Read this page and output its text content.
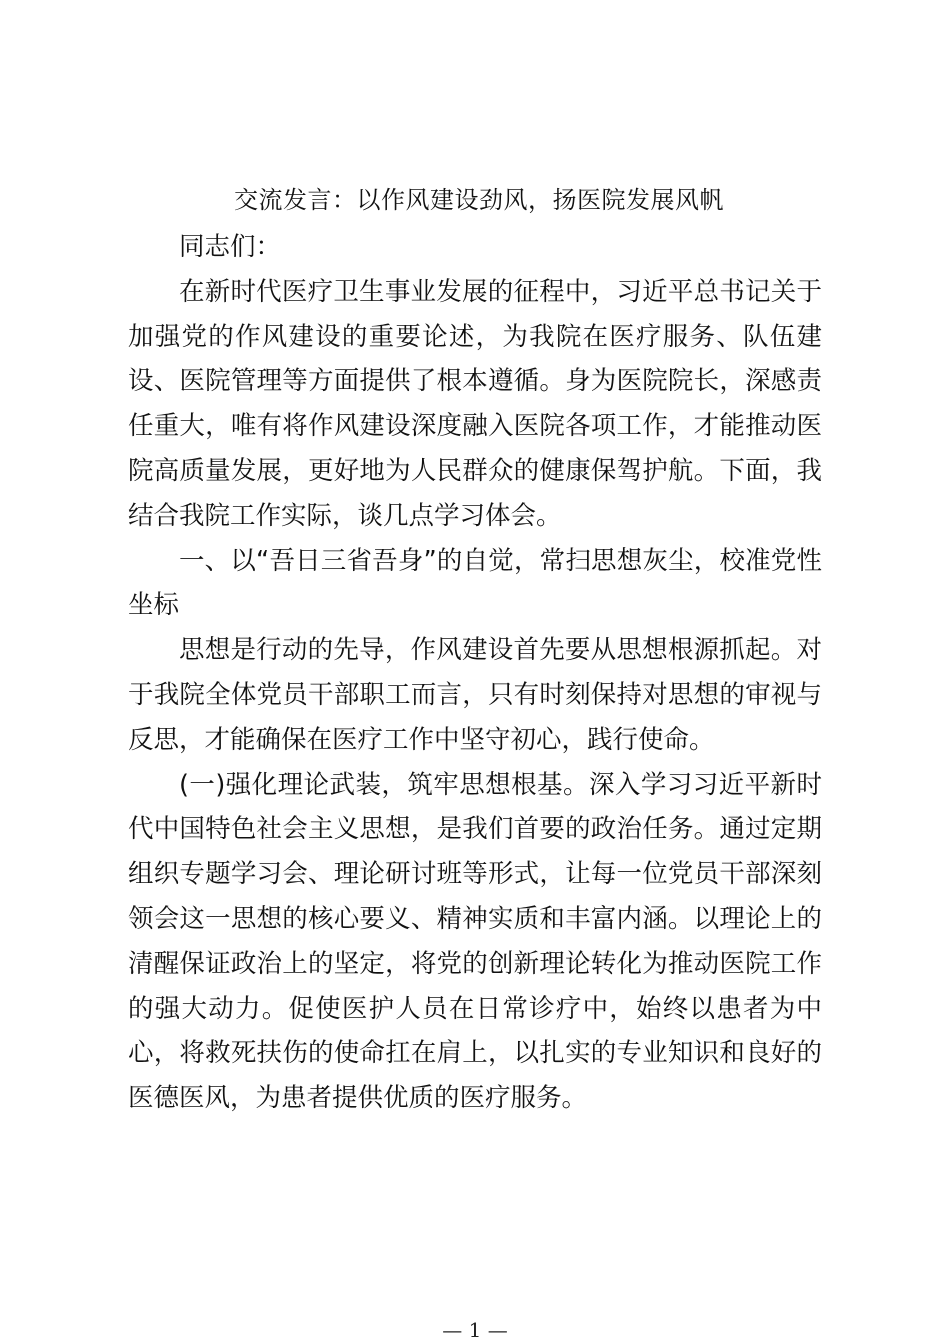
交流发言：以作风建设劲风，扬医院发展风帆

同志们：

在新时代医疗卫生事业发展的征程中，习近平总书记关于加强党的作风建设的重要论述，为我院在医疗服务、队伍建设、医院管理等方面提供了根本遵循。身为医院院长，深感责任重大，唯有将作风建设深度融入医院各项工作，才能推动医院高质量发展，更好地为人民群众的健康保驾护航。下面，我结合我院工作实际，谈几点学习体会。

一、以“吾日三省吾身”的自觉，常扫思想灰尘，校准党性坐标

思想是行动的先导，作风建设首先要从思想根源抓起。对于我院全体党员干部职工而言，只有时刻保持对思想的审视与反思，才能确保在医疗工作中坚守初心，践行使命。

(一)强化理论武装，筑牢思想根基。深入学习习近平新时代中国特色社会主义思想，是我们首要的政治任务。通过定期组织专题学习会、理论研讨班等形式，让每一位党员干部深刻领会这一思想的核心要义、精神实质和丰富内涵。以理论上的清醒保证政治上的坚定，将党的创新理论转化为推动医院工作的强大动力。促使医护人员在日常诊疗中，始终以患者为中心，将救死扶伤的使命扛在肩上，以扎实的专业知识和良好的医德医风，为患者提供优质的医疗服务。

— 1 —
